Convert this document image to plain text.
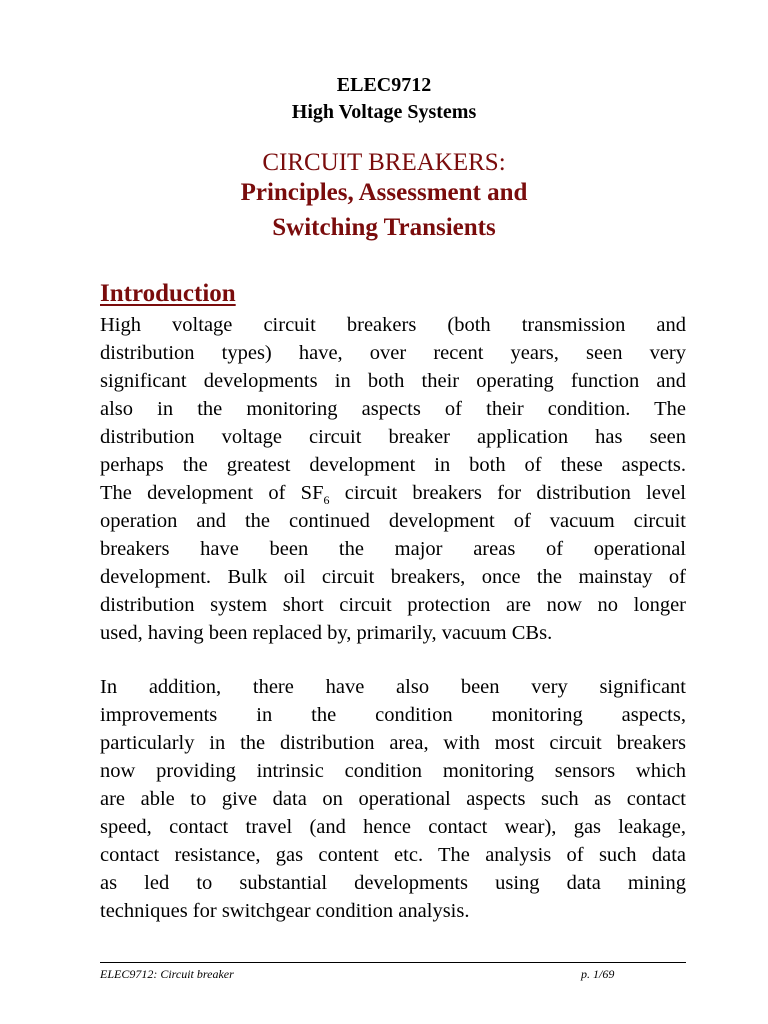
ELEC9712
High Voltage Systems
CIRCUIT BREAKERS:
Principles, Assessment and
Switching Transients
Introduction
High voltage circuit breakers (both transmission and
distribution types) have, over recent years, seen very
significant developments in both their operating function and
also in the monitoring aspects of their condition. The
distribution voltage circuit breaker application has seen
perhaps the greatest development in both of these aspects.
The development of $SF_6$ circuit breakers for distribution level
operation and the continued development of vacuum circuit
breakers have been the major areas of operational
development. Bulk oil circuit breakers, once the mainstay of
distribution system short circuit protection are now no longer
used, having been replaced by, primarily, vacuum CBs.
In addition, there have also been very significant
improvements in the condition monitoring aspects,
particularly in the distribution area, with most circuit breakers
now providing intrinsic condition monitoring sensors which
are able to give data on operational aspects such as contact
speed, contact travel (and hence contact wear), gas leakage,
contact resistance, gas content etc. The analysis of such data
as led to substantial developments using data mining
techniques for switchgear condition analysis.
ELEC9712: Circuit breaker	p. 1/69
